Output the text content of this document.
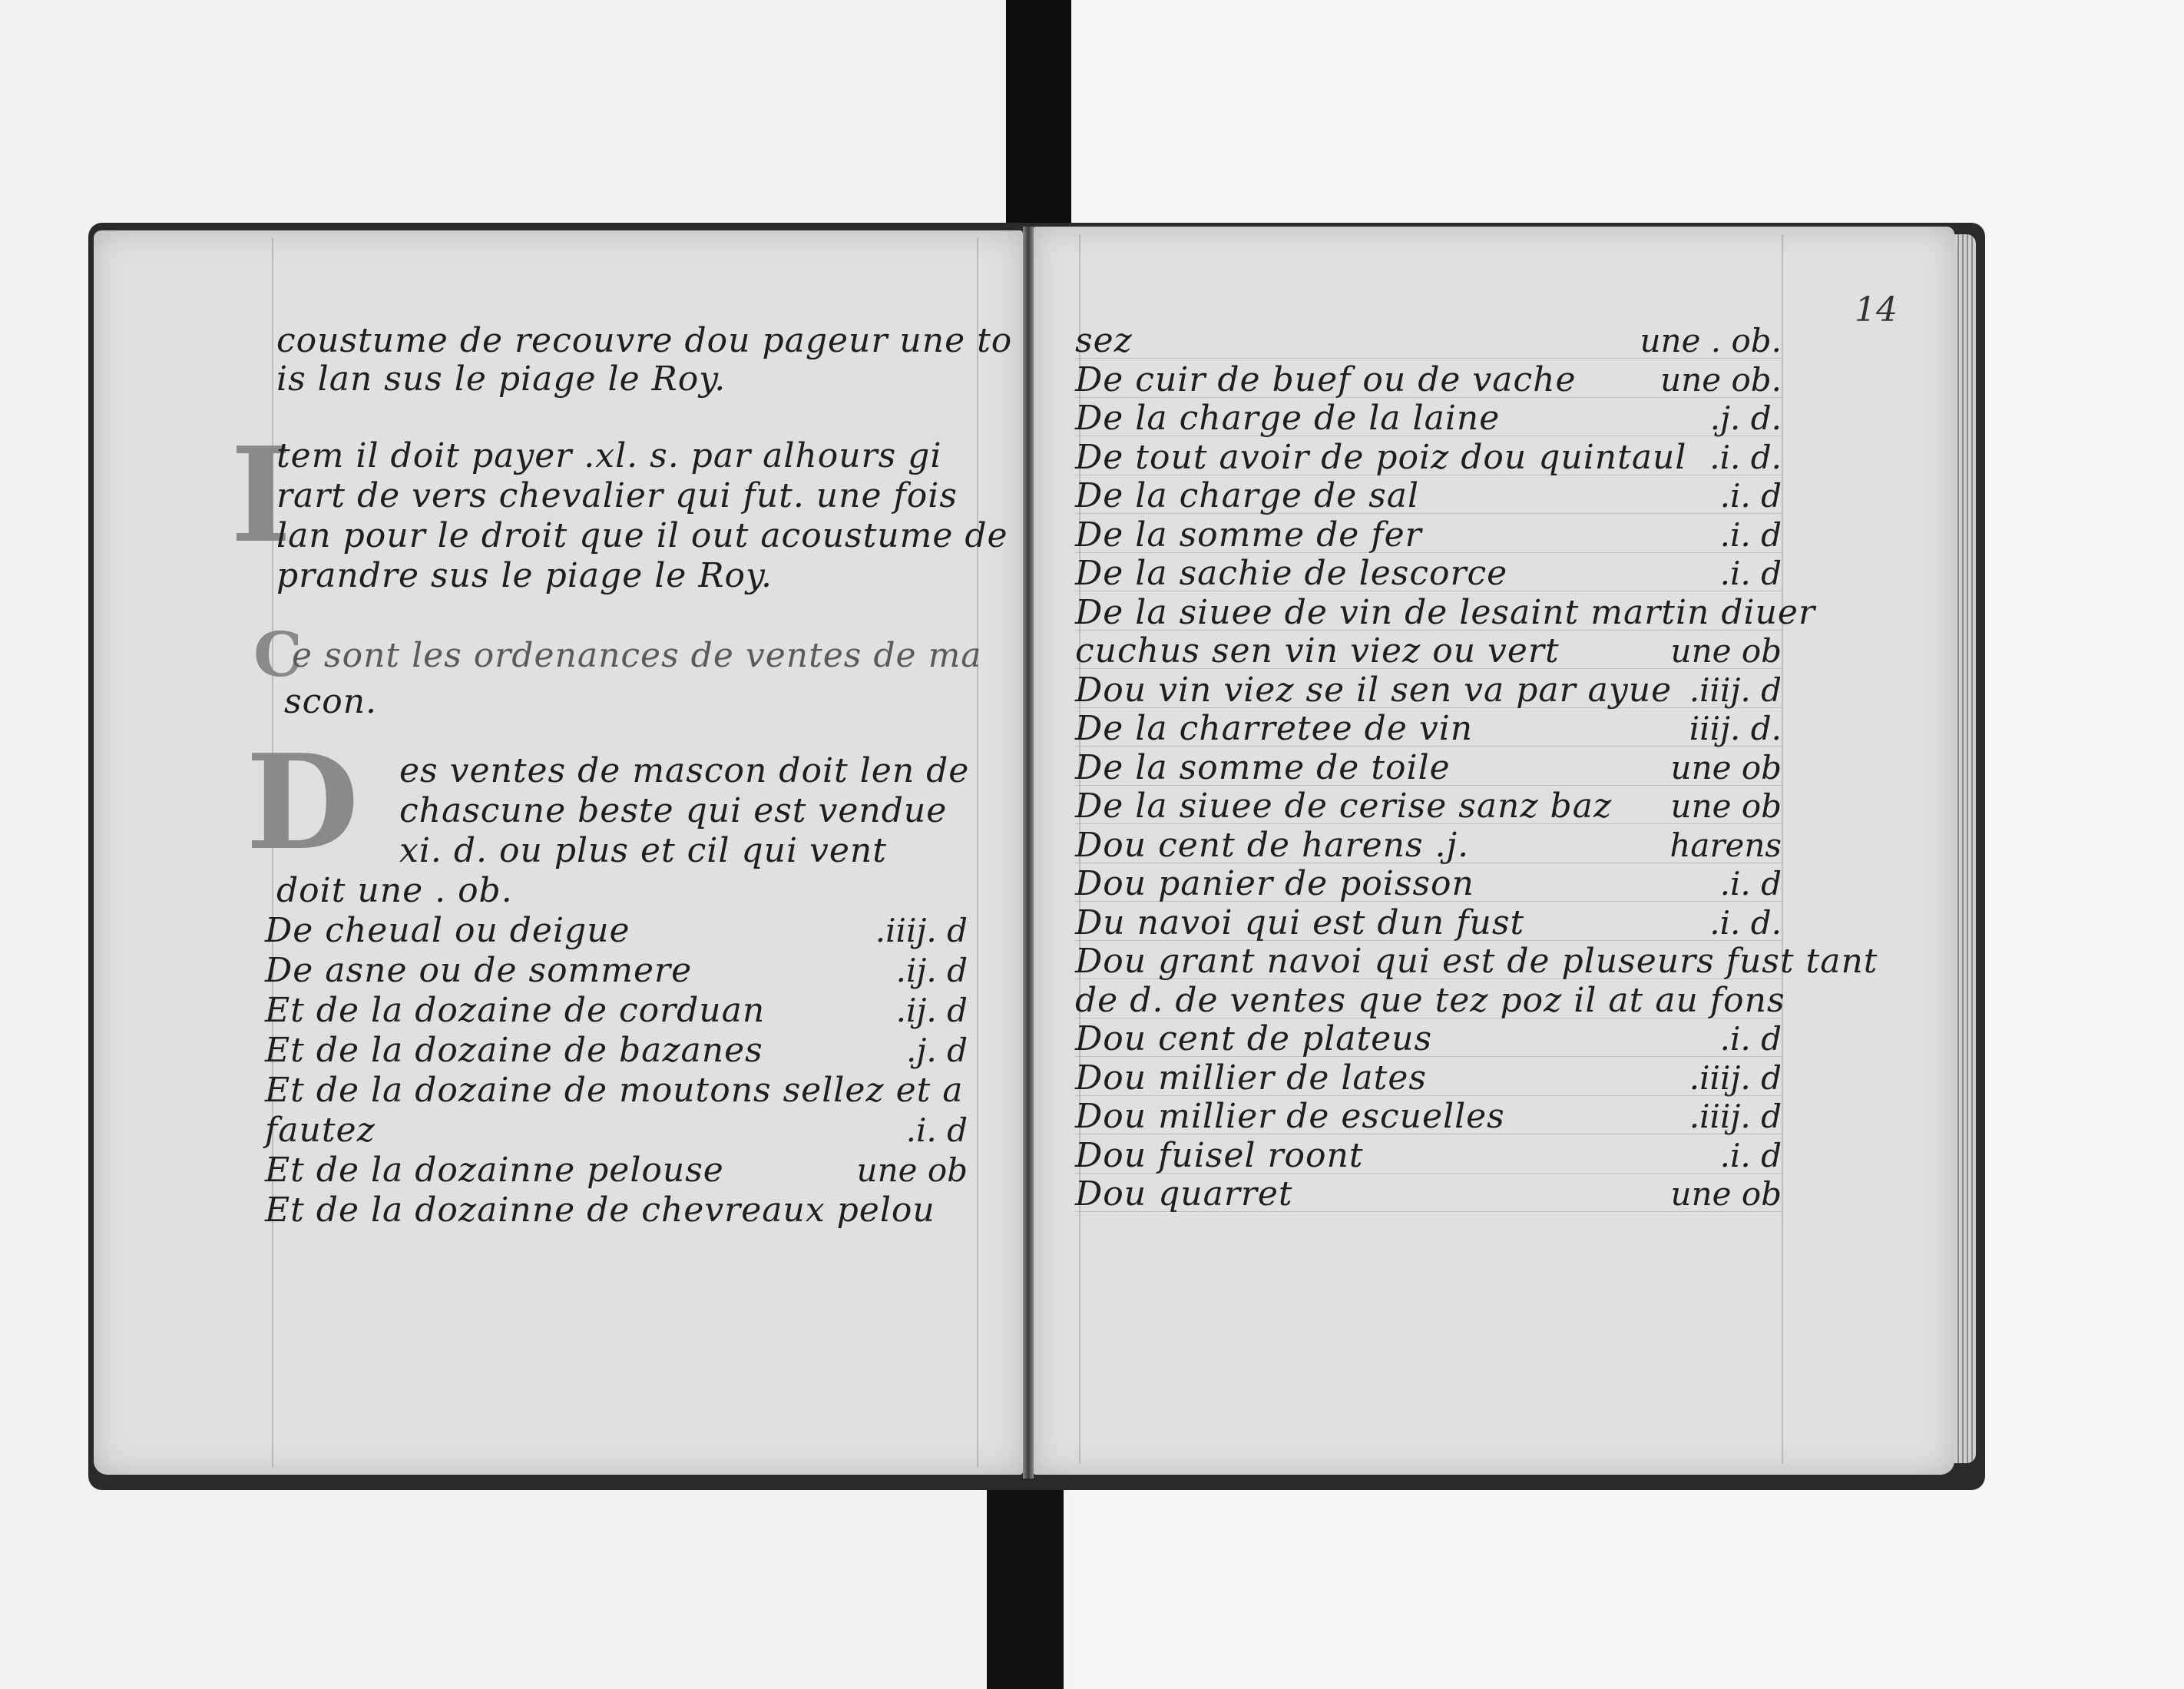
14
coustume de recouvre dou pageur une to
is lan sus le piage le Roy.
I
tem il doit payer .xl. s. par alhours gi
rart de vers chevalier qui fut. une fois
lan pour le droit que il out acoustume de
prandre sus le piage le Roy.
C
e sont les ordenances de ventes de ma
scon.
D es ventes de mascon doit len de
chascune beste qui est vendue
xi. d. ou plus et cil qui vent
doit une . ob.
De cheual ou deigue	.iiij. d
De asne ou de sommere	.ij. d
Et de la dozaine de corduan	.ij. d
Et de la dozaine de bazanes	.j. d
Et de la dozaine de moutons sellez et a
fautez	.i. d
Et de la dozainne pelouse	une ob
Et de la dozainne de chevreaux pelou
sez	une . ob.
De cuir de buef ou de vache	une ob.
De la charge de la laine	.j. d.
De tout avoir de poiz dou quintaul .i. d.
De la charge de sal	.i. d
De la somme de fer	.i. d
De la sachie de lescorce	.i. d
De la siuee de vin de lesaint martin diuer
cuchus sen vin viez ou vert	une ob
Dou vin viez se il sen va par ayue .iiij. d
De la charretee de vin	iiij. d.
De la somme de toile	une ob
De la siuee de cerise sanz baz une ob
Dou cent de harens .j.	harens
Dou panier de poisson	.i. d
Du navoi qui est dun fust	.i. d.
Dou grant navoi qui est de pluseurs fust tant
de d. de ventes que tez poz il at au fons
Dou cent de plateus	.i. d
Dou millier de lates	.iiij. d
Dou millier de escuelles	.iiij. d
Dou fuisel roont	.i. d
Dou quarret	une ob
